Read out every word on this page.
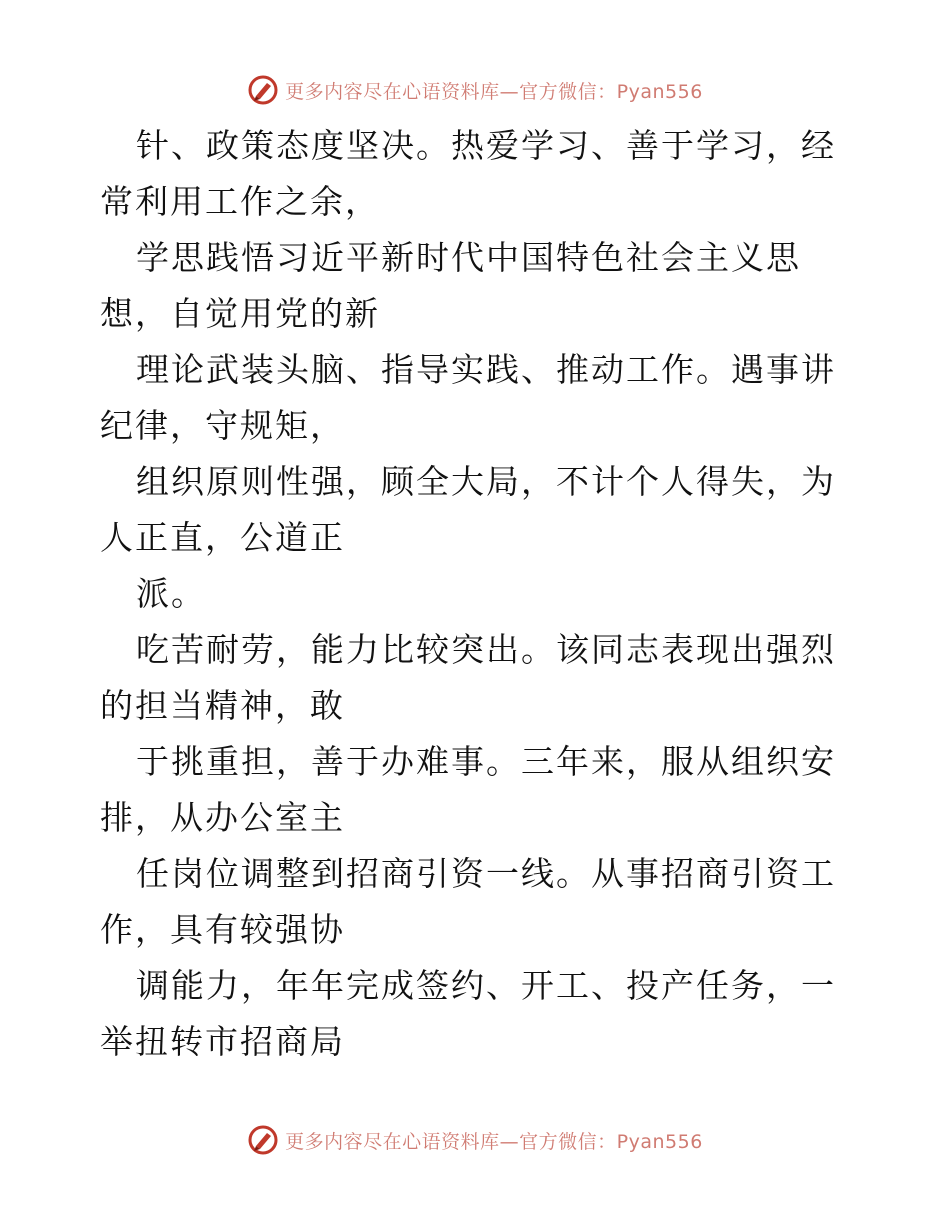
更多内容尽在心语资料库—官方微信：Pyan556

针、政策态度坚决。热爱学习、善于学习，经常利用工作之余，

学思践悟习近平新时代中国特色社会主义思想，自觉用党的新

理论武装头脑、指导实践、推动工作。遇事讲纪律，守规矩，

组织原则性强，顾全大局，不计个人得失，为人正直，公道正

派。

吃苦耐劳，能力比较突出。该同志表现出强烈的担当精神，敢

于挑重担，善于办难事。三年来，服从组织安排，从办公室主

任岗位调整到招商引资一线。从事招商引资工作，具有较强协

调能力，年年完成签约、开工、投产任务，一举扭转市招商局

更多内容尽在心语资料库—官方微信：Pyan556
